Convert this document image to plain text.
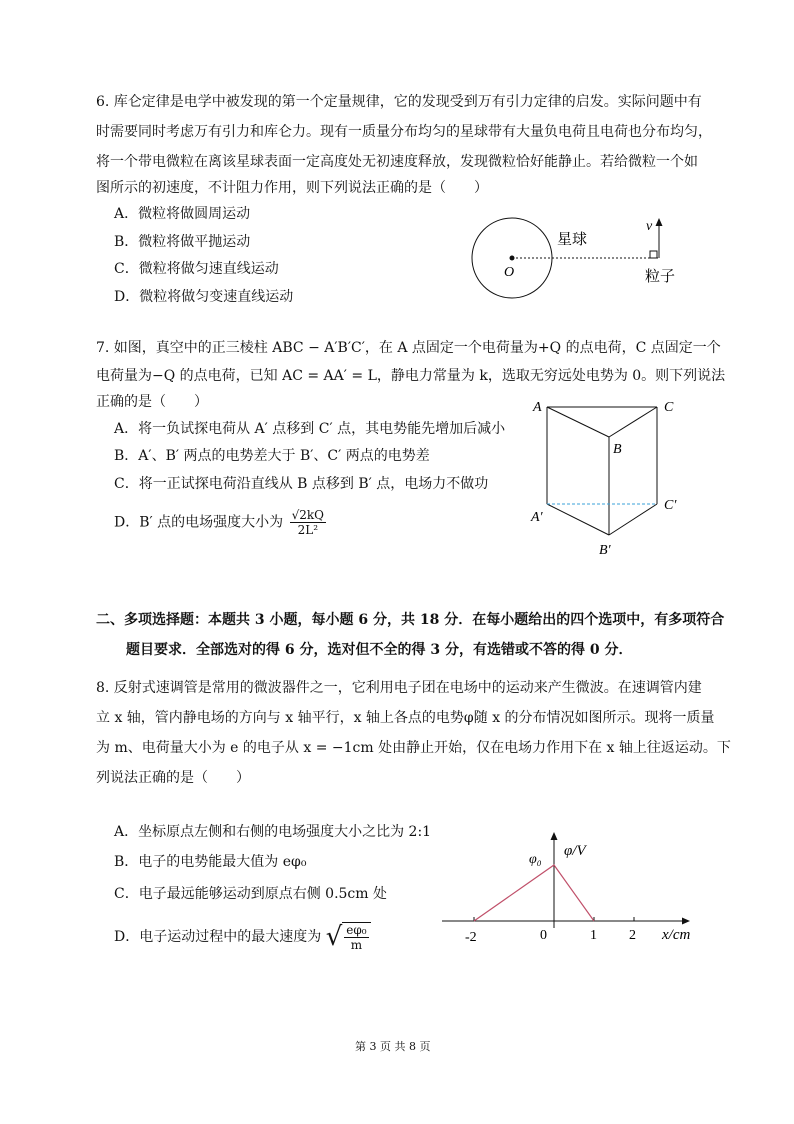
6. 库仑定律是电学中被发现的第一个定量规律，它的发现受到万有引力定律的启发。实际问题中有
时需要同时考虑万有引力和库仑力。现有一质量分布均匀的星球带有大量负电荷且电荷也分布均匀，
将一个带电微粒在离该星球表面一定高度处无初速度释放，发现微粒恰好能静止。若给微粒一个如
图所示的初速度，不计阻力作用，则下列说法正确的是（　　）
A．微粒将做圆周运动
B．微粒将做平抛运动
C．微粒将做匀速直线运动
D．微粒将做匀变速直线运动
O
星球
粒子
v
7. 如图，真空中的正三棱柱 ABC − A′B′C′，在 A 点固定一个电荷量为+Q 的点电荷，C 点固定一个
电荷量为−Q 的点电荷，已知 AC = AA′ = L，静电力常量为 k，选取无穷远处电势为 0。则下列说法
正确的是（　　）
A．将一负试探电荷从 A′ 点移到 C′ 点，其电势能先增加后减小
B．A′、B′ 两点的电势差大于 B′、C′ 两点的电势差
C．将一正试探电荷沿直线从 B 点移到 B′ 点，电场力不做功
D．B′ 点的电场强度大小为 $\frac{√2kQ}{\text{2L²}}$
A	C
B
A′
C′
B′
二、多项选择题：本题共 3 小题，每小题 6 分，共 18 分．在每小题给出的四个选项中，有多项符合
题目要求．全部选对的得 6 分，选对但不全的得 3 分，有选错或不答的得 0 分．
8. 反射式速调管是常用的微波器件之一，它利用电子团在电场中的运动来产生微波。在速调管内建
立 x 轴，管内静电场的方向与 x 轴平行，x 轴上各点的电势φ随 x 的分布情况如图所示。现将一质量
为 m、电荷量大小为 e 的电子从 x = −1cm 处由静止开始，仅在电场力作用下在 x 轴上往返运动。下
列说法正确的是（　　）
A．坐标原点左侧和右侧的电场强度大小之比为 2:1
B．电子的电势能最大值为 eφ₀
C．电子最远能够运动到原点右侧 0.5cm 处
D．电子运动过程中的最大速度为 √ $\frac{\text{eφ₀}}{m}$
φ₀
φ/V
x/cm
-2	0	1 2
第 3 页 共 8 页
